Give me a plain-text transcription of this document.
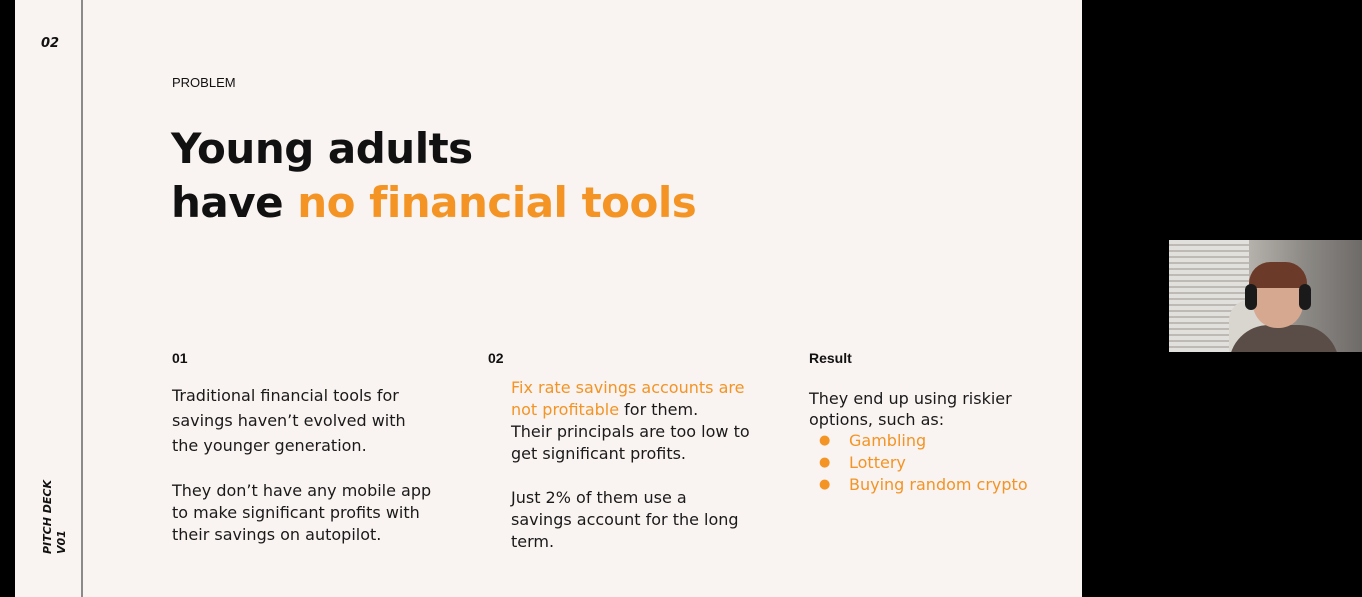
02
PITCH DECK V01
PROBLEM
Young adults
have no financial tools
01

Traditional financial tools for savings haven’t evolved with the younger generation.

They don’t have any mobile app to make significant profits with their savings on autopilot.

02

Fix rate savings accounts are not profitable for them.

Their principals are too low to get significant profits.

Just 2% of them use a savings account for the long term.

Result

They end up using riskier options, such as:

● Gambling
● Lottery
● Buying random crypto
